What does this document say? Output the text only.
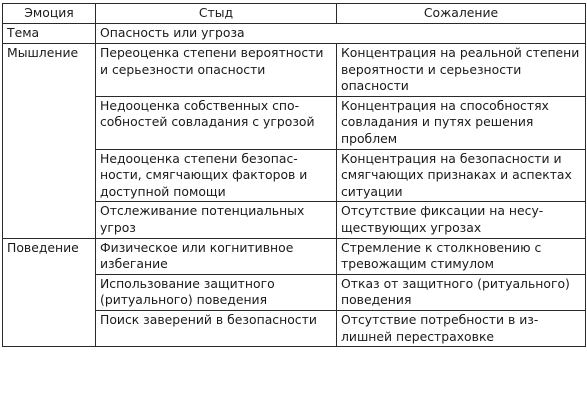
Эмоция	Стыд	Сожаление
Тема	Опасность или угроза	
Мышление	Переоценка степени вероятности и серьезности опасности	Концентрация на реальной степени вероятности и серьезности опасности
	Недооценка собственных способностей совладания с угрозой	Концентрация на способностях совладания и путях решения проблем
	Недооценка степени безопасности, смягчающих факторов и доступной помощи	Концентрация на безопасности и смягчающих признаках и аспектах ситуации
	Отслеживание потенциальных угроз	Отсутствие фиксации на несуществующих угрозах
Поведение	Физическое или когнитивное избегание	Стремление к столкновению с тревожащим стимулом
	Использование защитного (ритуального) поведения	Отказ от защитного (ритуального) поведения
	Поиск заверений в безопасности	Отсутствие потребности в излишней перестраховке
